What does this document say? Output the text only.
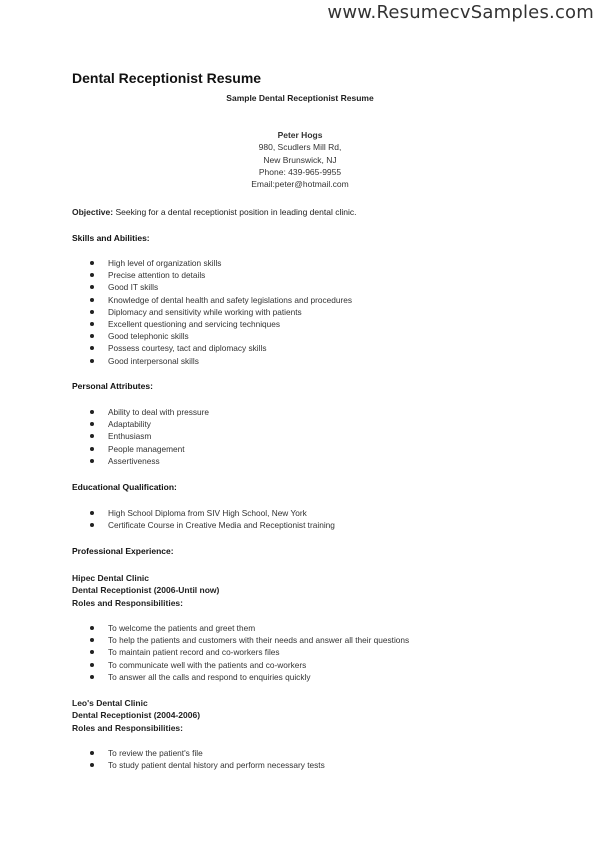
www.ResumecvSamples.com
Dental Receptionist Resume
Sample Dental Receptionist Resume
Peter Hogs
980, Scudlers Mill Rd,
New Brunswick, NJ
Phone: 439-965-9955
Email:peter@hotmail.com
Objective: Seeking for a dental receptionist position in leading dental clinic.
Skills and Abilities:
High level of organization skills
Precise attention to details
Good IT skills
Knowledge of dental health and safety legislations and procedures
Diplomacy and sensitivity while working with patients
Excellent questioning and servicing techniques
Good telephonic skills
Possess courtesy, tact and diplomacy skills
Good interpersonal skills
Personal Attributes:
Ability to deal with pressure
Adaptability
Enthusiasm
People management
Assertiveness
Educational Qualification:
High School Diploma from SIV High School, New York
Certificate Course in Creative Media and Receptionist training
Professional Experience:
Hipec Dental Clinic
Dental Receptionist (2006-Until now)
Roles and Responsibilities:
To welcome the patients and greet them
To help the patients and customers with their needs and answer all their questions
To maintain patient record and co-workers files
To communicate well with the patients and co-workers
To answer all the calls and respond to enquiries quickly
Leo's Dental Clinic
Dental Receptionist (2004-2006)
Roles and Responsibilities:
To review the patient's file
To study patient dental history and perform necessary tests
